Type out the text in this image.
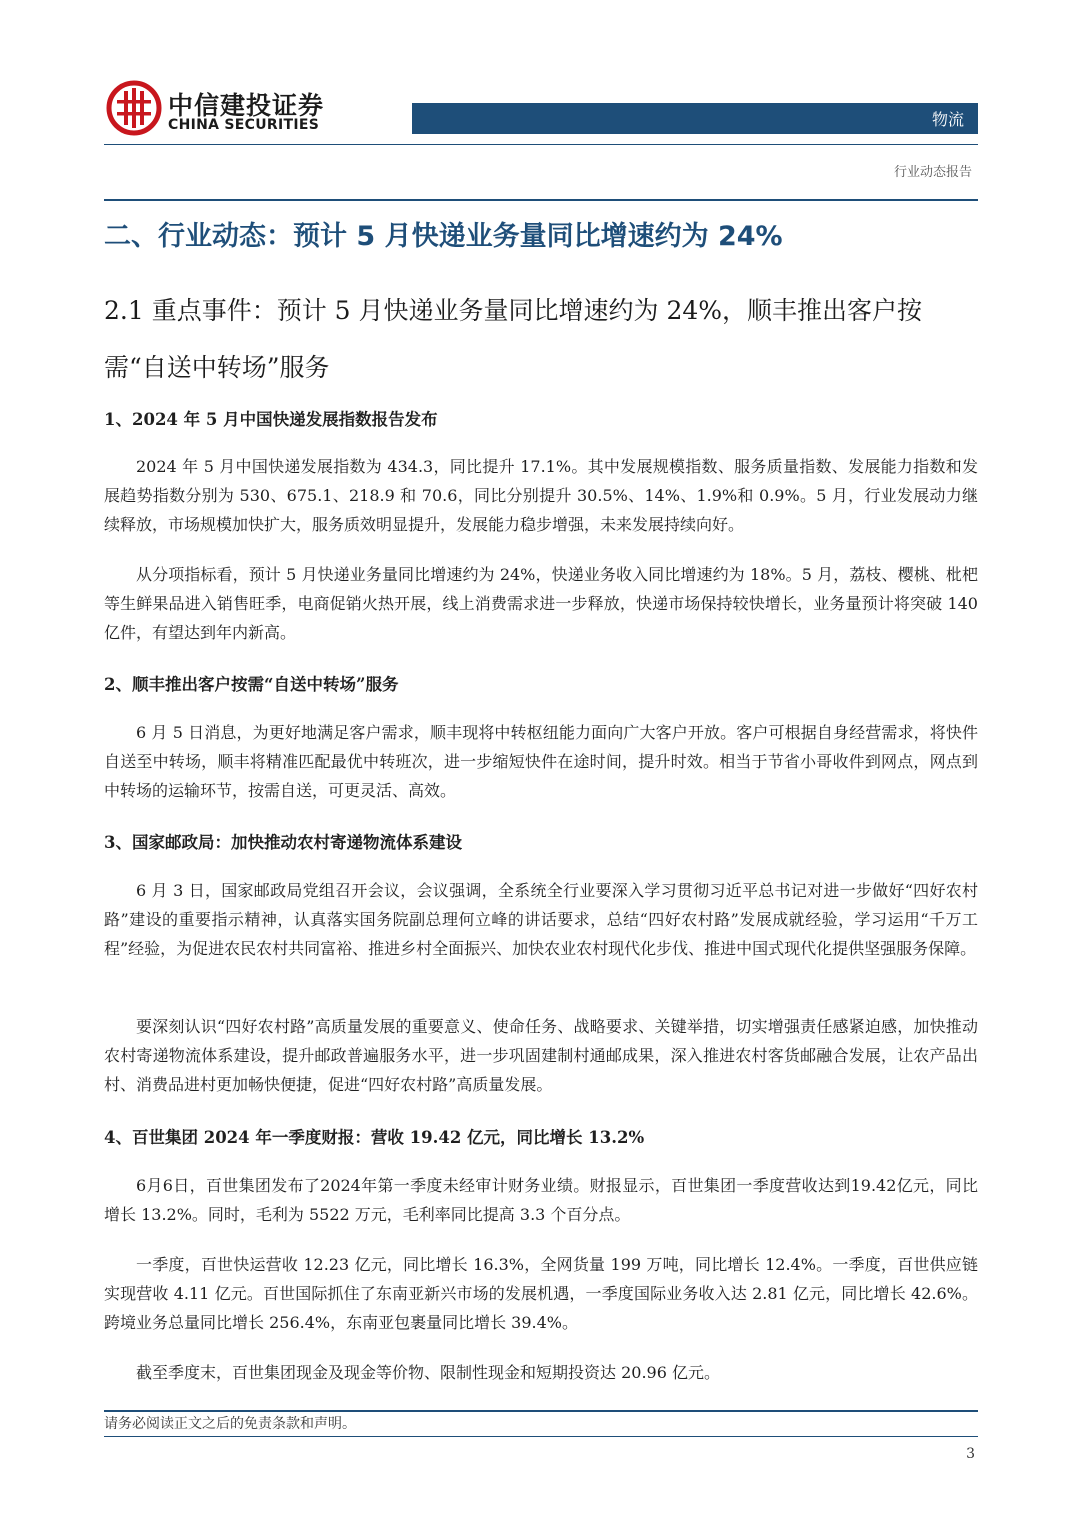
中信建投证券
CHINA SECURITIES	物流
行业动态报告
二、行业动态：预计 5 月快递业务量同比增速约为 24%
2.1 重点事件：预计 5 月快递业务量同比增速约为 24%，顺丰推出客户按需“自送中转场”服务
1、2024 年 5 月中国快递发展指数报告发布

2024 年 5 月中国快递发展指数为 434.3，同比提升 17.1%。其中发展规模指数、服务质量指数、发展能力指数和发展趋势指数分别为 530、675.1、218.9 和 70.6，同比分别提升 30.5%、14%、1.9%和 0.9%。5 月，行业发展动力继续释放，市场规模加快扩大，服务质效明显提升，发展能力稳步增强，未来发展持续向好。

从分项指标看，预计 5 月快递业务量同比增速约为 24%，快递业务收入同比增速约为 18%。5 月，荔枝、樱桃、枇杷等生鲜果品进入销售旺季，电商促销火热开展，线上消费需求进一步释放，快递市场保持较快增长，业务量预计将突破 140 亿件，有望达到年内新高。

2、顺丰推出客户按需“自送中转场”服务

6 月 5 日消息，为更好地满足客户需求，顺丰现将中转枢纽能力面向广大客户开放。客户可根据自身经营需求，将快件自送至中转场，顺丰将精准匹配最优中转班次，进一步缩短快件在途时间，提升时效。相当于节省小哥收件到网点，网点到中转场的运输环节，按需自送，可更灵活、高效。

3、国家邮政局：加快推动农村寄递物流体系建设

6 月 3 日，国家邮政局党组召开会议，会议强调，全系统全行业要深入学习贯彻习近平总书记对进一步做好“四好农村路”建设的重要指示精神，认真落实国务院副总理何立峰的讲话要求，总结“四好农村路”发展成就经验，学习运用“千万工程”经验，为促进农民农村共同富裕、推进乡村全面振兴、加快农业农村现代化步伐、推进中国式现代化提供坚强服务保障。

要深刻认识“四好农村路”高质量发展的重要意义、使命任务、战略要求、关键举措，切实增强责任感紧迫感，加快推动农村寄递物流体系建设，提升邮政普遍服务水平，进一步巩固建制村通邮成果，深入推进农村客货邮融合发展，让农产品出村、消费品进村更加畅快便捷，促进“四好农村路”高质量发展。

4、百世集团 2024 年一季度财报：营收 19.42 亿元，同比增长 13.2%

6月6日，百世集团发布了2024年第一季度未经审计财务业绩。财报显示，百世集团一季度营收达到19.42亿元，同比增长 13.2%。同时，毛利为 5522 万元，毛利率同比提高 3.3 个百分点。

一季度，百世快运营收 12.23 亿元，同比增长 16.3%，全网货量 199 万吨，同比增长 12.4%。一季度，百世供应链实现营收 4.11 亿元。百世国际抓住了东南亚新兴市场的发展机遇，一季度国际业务收入达 2.81 亿元，同比增长 42.6%。跨境业务总量同比增长 256.4%，东南亚包裹量同比增长 39.4%。

截至季度末，百世集团现金及现金等价物、限制性现金和短期投资达 20.96 亿元。

请务必阅读正文之后的免责条款和声明。
3
